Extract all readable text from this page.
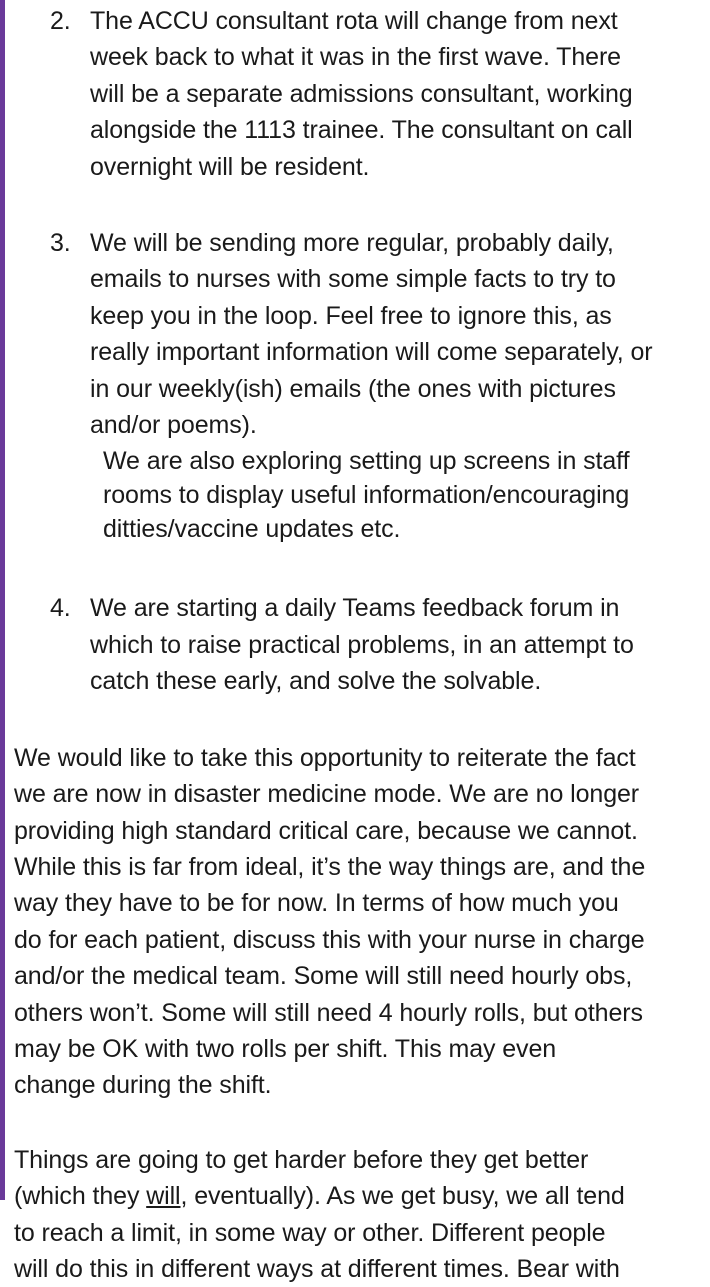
2. The ACCU consultant rota will change from next
week back to what it was in the first wave. There
will be a separate admissions consultant, working
alongside the 1113 trainee. The consultant on call
overnight will be resident.
3. We will be sending more regular, probably daily,
emails to nurses with some simple facts to try to
keep you in the loop. Feel free to ignore this, as
really important information will come separately, or
in our weekly(ish) emails (the ones with pictures
and/or poems).
We are also exploring setting up screens in staff
rooms to display useful information/encouraging
ditties/vaccine updates etc.
4. We are starting a daily Teams feedback forum in
which to raise practical problems, in an attempt to
catch these early, and solve the solvable.
We would like to take this opportunity to reiterate the fact
we are now in disaster medicine mode. We are no longer
providing high standard critical care, because we cannot.
While this is far from ideal, it’s the way things are, and the
way they have to be for now. In terms of how much you
do for each patient, discuss this with your nurse in charge
and/or the medical team. Some will still need hourly obs,
others won’t. Some will still need 4 hourly rolls, but others
may be OK with two rolls per shift. This may even
change during the shift.
Things are going to get harder before they get better
(which they will, eventually). As we get busy, we all tend
to reach a limit, in some way or other. Different people
will do this in different ways at different times. Bear with
